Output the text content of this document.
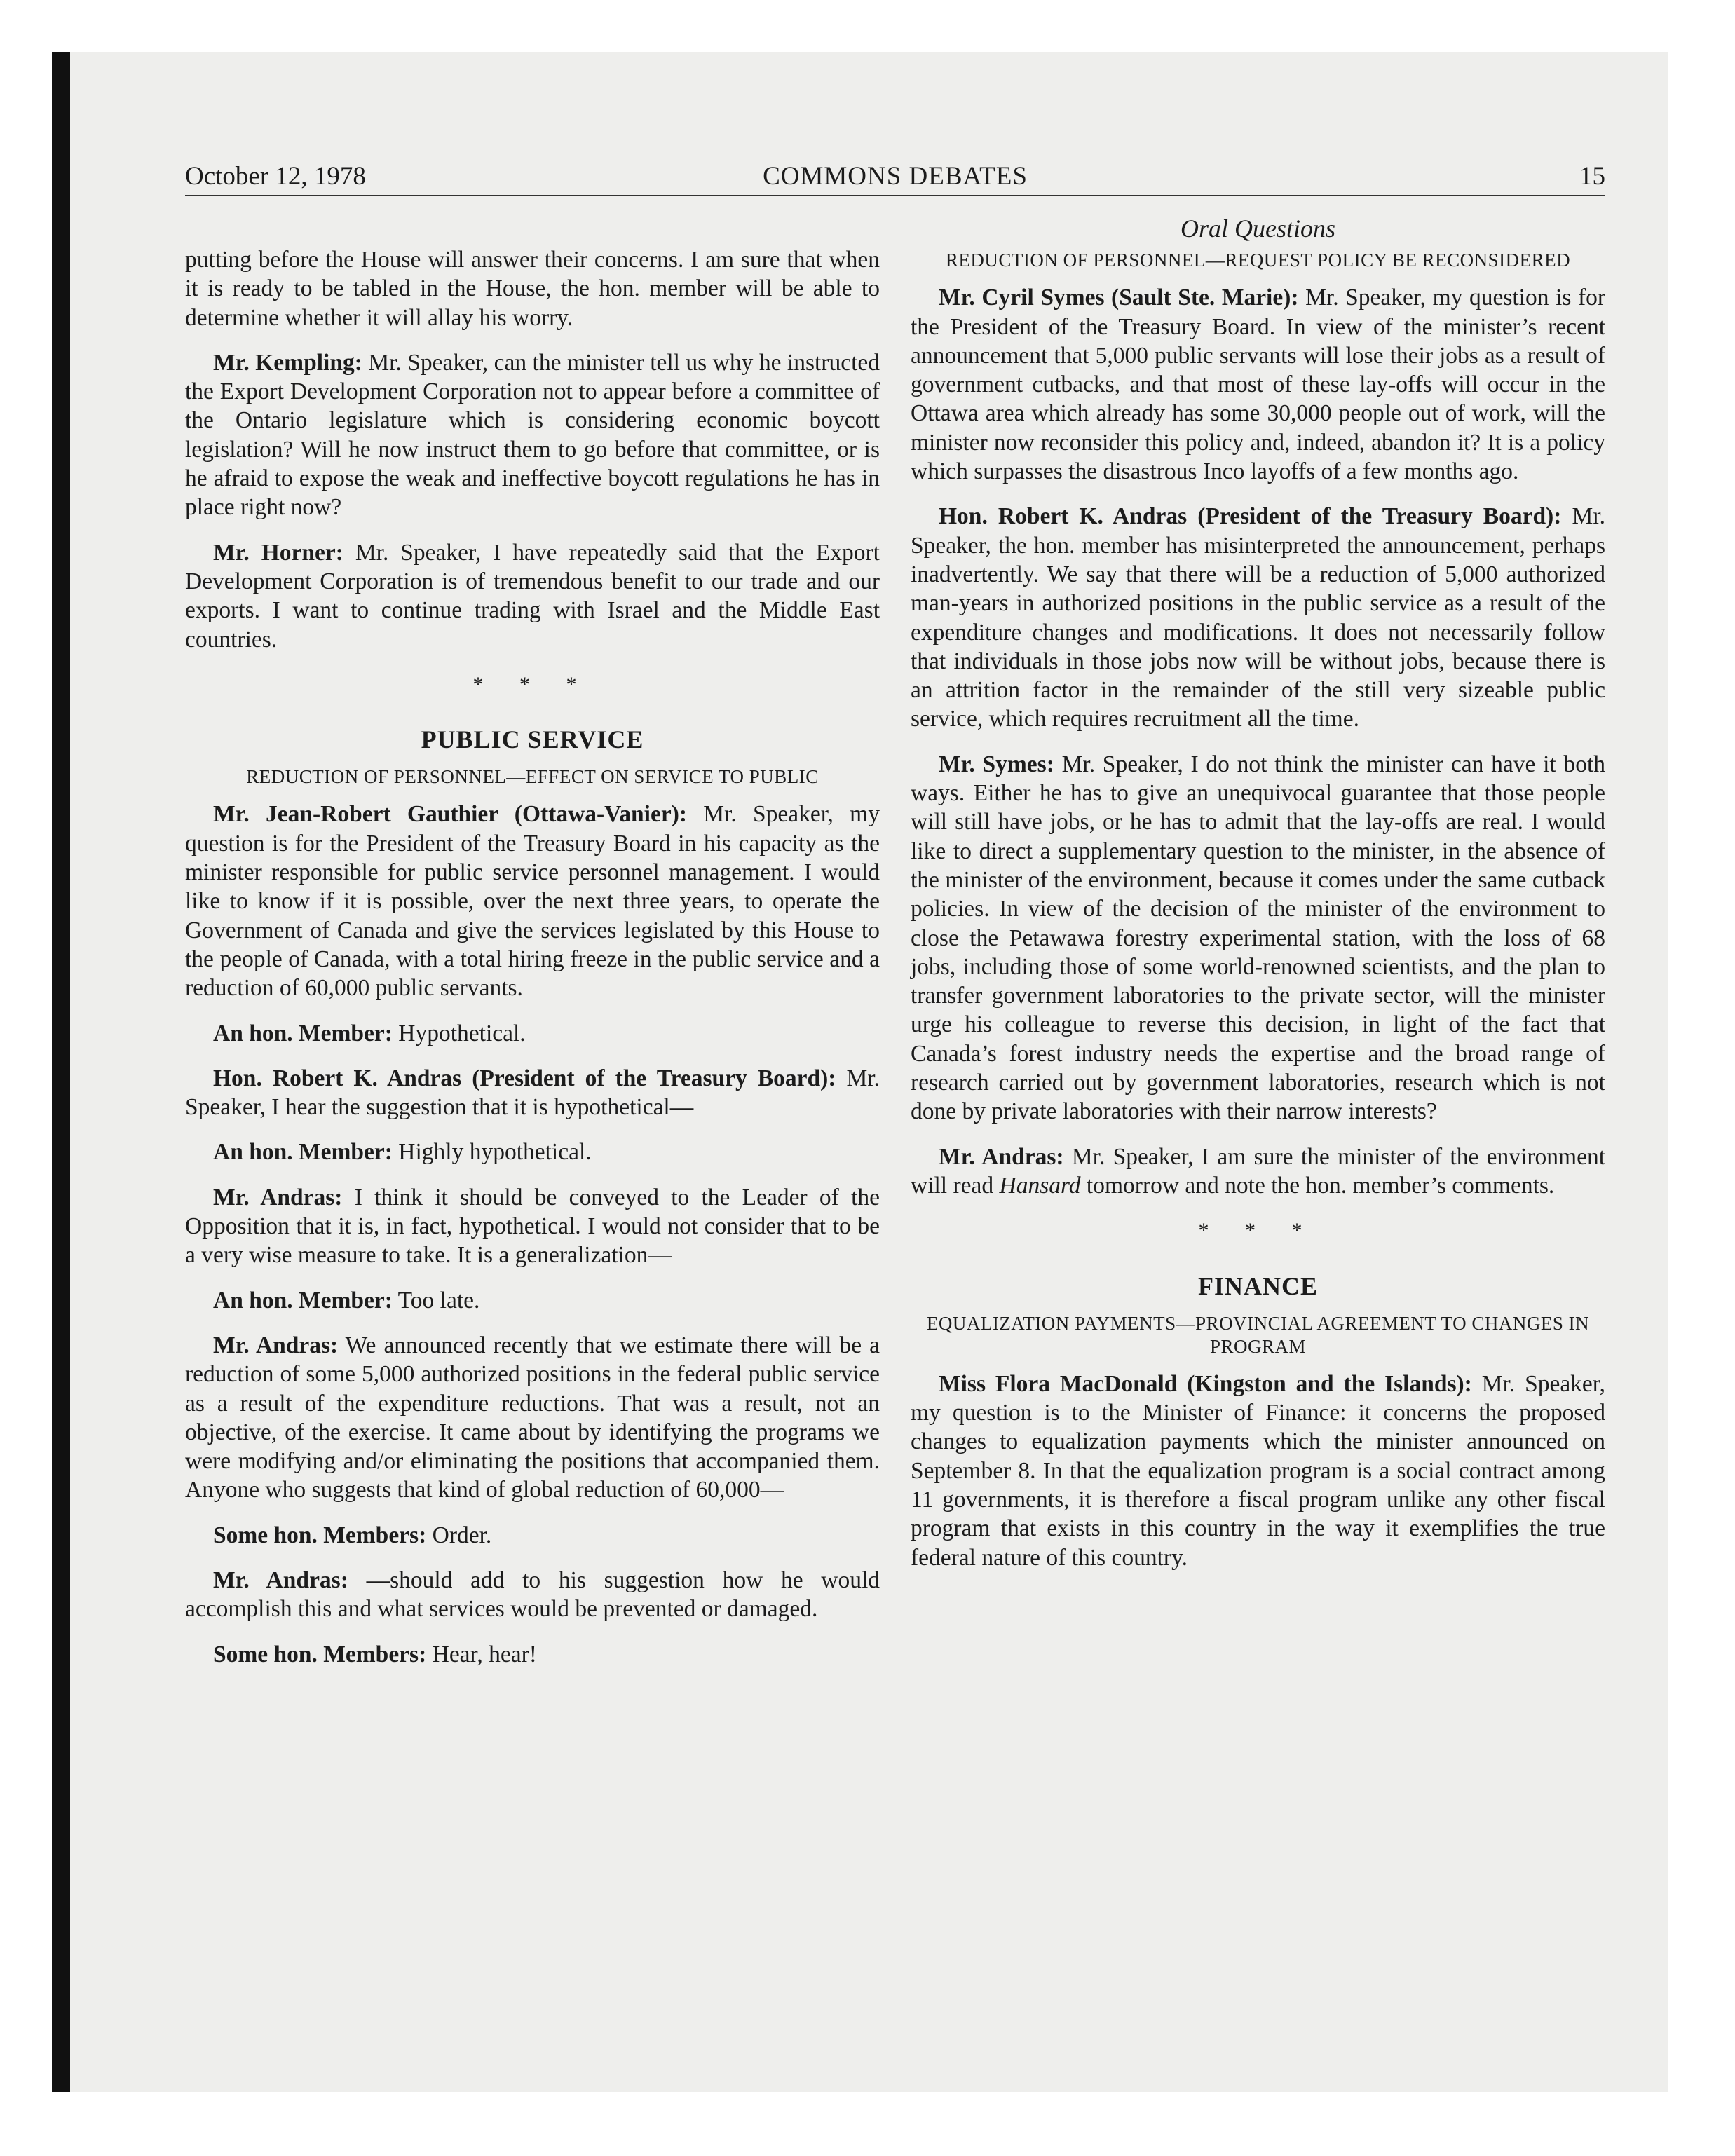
October 12, 1978	COMMONS DEBATES	15

putting before the House will answer their concerns. I am sure that when it is ready to be tabled in the House, the hon. member will be able to determine whether it will allay his worry.

Mr. Kempling: Mr. Speaker, can the minister tell us why he instructed the Export Development Corporation not to appear before a committee of the Ontario legislature which is considering economic boycott legislation? Will he now instruct them to go before that committee, or is he afraid to expose the weak and ineffective boycott regulations he has in place right now?

Mr. Horner: Mr. Speaker, I have repeatedly said that the Export Development Corporation is of tremendous benefit to our trade and our exports. I want to continue trading with Israel and the Middle East countries.

* * *
PUBLIC SERVICE
REDUCTION OF PERSONNEL—EFFECT ON SERVICE TO PUBLIC

Mr. Jean-Robert Gauthier (Ottawa-Vanier): Mr. Speaker, my question is for the President of the Treasury Board in his capacity as the minister responsible for public service personnel management. I would like to know if it is possible, over the next three years, to operate the Government of Canada and give the services legislated by this House to the people of Canada, with a total hiring freeze in the public service and a reduction of 60,000 public servants.

An hon. Member: Hypothetical.

Hon. Robert K. Andras (President of the Treasury Board): Mr. Speaker, I hear the suggestion that it is hypothetical—

An hon. Member: Highly hypothetical.

Mr. Andras: I think it should be conveyed to the Leader of the Opposition that it is, in fact, hypothetical. I would not consider that to be a very wise measure to take. It is a generalization—

An hon. Member: Too late.

Mr. Andras: We announced recently that we estimate there will be a reduction of some 5,000 authorized positions in the federal public service as a result of the expenditure reductions. That was a result, not an objective, of the exercise. It came about by identifying the programs we were modifying and/or eliminating the positions that accompanied them. Anyone who suggests that kind of global reduction of 60,000—

Some hon. Members: Order.

Mr. Andras: —should add to his suggestion how he would accomplish this and what services would be prevented or damaged.

Some hon. Members: Hear, hear!

Oral Questions
REDUCTION OF PERSONNEL—REQUEST POLICY BE RECONSIDERED

Mr. Cyril Symes (Sault Ste. Marie): Mr. Speaker, my question is for the President of the Treasury Board. In view of the minister’s recent announcement that 5,000 public servants will lose their jobs as a result of government cutbacks, and that most of these lay-offs will occur in the Ottawa area which already has some 30,000 people out of work, will the minister now reconsider this policy and, indeed, abandon it? It is a policy which surpasses the disastrous Inco layoffs of a few months ago.

Hon. Robert K. Andras (President of the Treasury Board): Mr. Speaker, the hon. member has misinterpreted the announcement, perhaps inadvertently. We say that there will be a reduction of 5,000 authorized man-years in authorized positions in the public service as a result of the expenditure changes and modifications. It does not necessarily follow that individuals in those jobs now will be without jobs, because there is an attrition factor in the remainder of the still very sizeable public service, which requires recruitment all the time.

Mr. Symes: Mr. Speaker, I do not think the minister can have it both ways. Either he has to give an unequivocal guarantee that those people will still have jobs, or he has to admit that the lay-offs are real. I would like to direct a supplementary question to the minister, in the absence of the minister of the environment, because it comes under the same cutback policies. In view of the decision of the minister of the environment to close the Petawawa forestry experimental station, with the loss of 68 jobs, including those of some world-renowned scientists, and the plan to transfer government laboratories to the private sector, will the minister urge his colleague to reverse this decision, in light of the fact that Canada’s forest industry needs the expertise and the broad range of research carried out by government laboratories, research which is not done by private laboratories with their narrow interests?

Mr. Andras: Mr. Speaker, I am sure the minister of the environment will read Hansard tomorrow and note the hon. member’s comments.

* * *
FINANCE
EQUALIZATION PAYMENTS—PROVINCIAL AGREEMENT TO CHANGES IN PROGRAM

Miss Flora MacDonald (Kingston and the Islands): Mr. Speaker, my question is to the Minister of Finance: it concerns the proposed changes to equalization payments which the minister announced on September 8. In that the equalization program is a social contract among 11 governments, it is therefore a fiscal program unlike any other fiscal program that exists in this country in the way it exemplifies the true federal nature of this country.
